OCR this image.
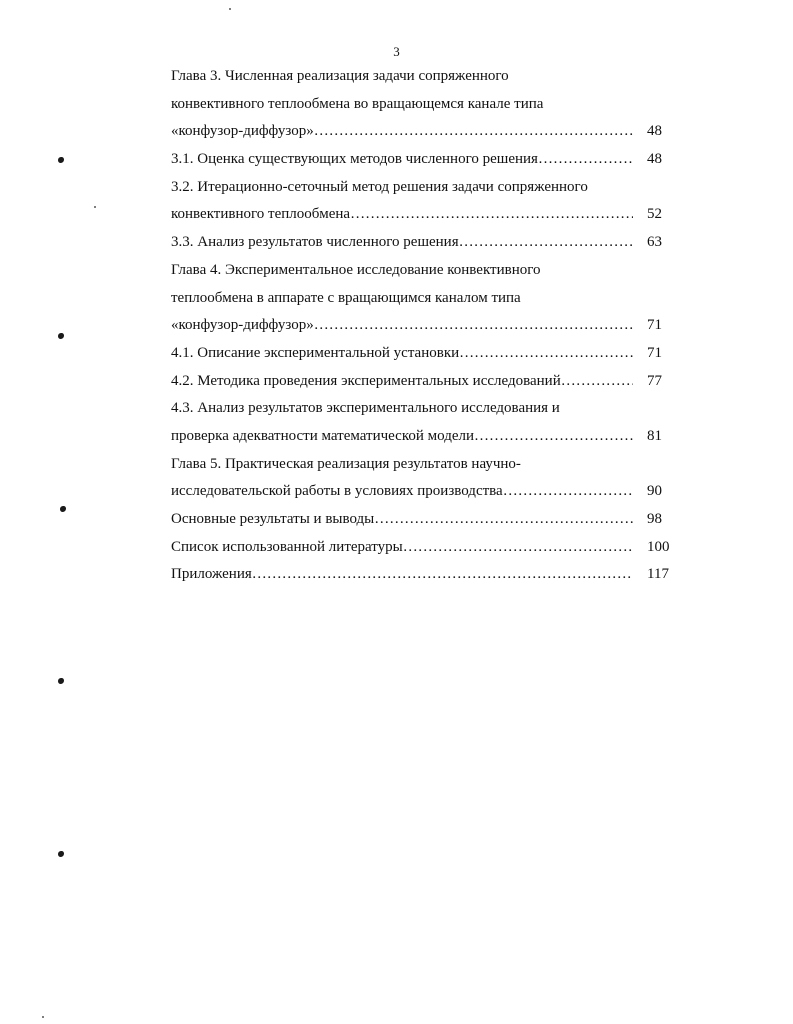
3
Глава 3. Численная реализация задачи сопряженного
конвективного теплообмена во вращающемся канале типа
«конфузор-диффузор» ……………………………………………………………………………………………………………………………………………………………………	48
3.1. Оценка существующих методов численного решения ……………………………………………………………………………………………………………………………………………………………………	48
3.2. Итерационно-сеточный метод решения задачи сопряженного
конвективного теплообмена ……………………………………………………………………………………………………………………………………………………………………	52
3.3. Анализ результатов численного решения ……………………………………………………………………………………………………………………………………………………………………	63
Глава 4. Экспериментальное исследование конвективного
теплообмена в аппарате с вращающимся каналом типа
«конфузор-диффузор» ……………………………………………………………………………………………………………………………………………………………………	71
4.1. Описание экспериментальной установки ……………………………………………………………………………………………………………………………………………………………………	71
4.2. Методика проведения экспериментальных исследований ……………………………………………………………………………………………………………………………………………………………………	77
4.3. Анализ результатов экспериментального исследования и
проверка адекватности математической модели ……………………………………………………………………………………………………………………………………………………………………	81
Глава 5. Практическая реализация результатов научно-
исследовательской работы в условиях производства ……………………………………………………………………………………………………………………………………………………………………	90
Основные результаты и выводы ……………………………………………………………………………………………………………………………………………………………………	98
Список использованной литературы ……………………………………………………………………………………………………………………………………………………………………	100
Приложения ……………………………………………………………………………………………………………………………………………………………………	117
